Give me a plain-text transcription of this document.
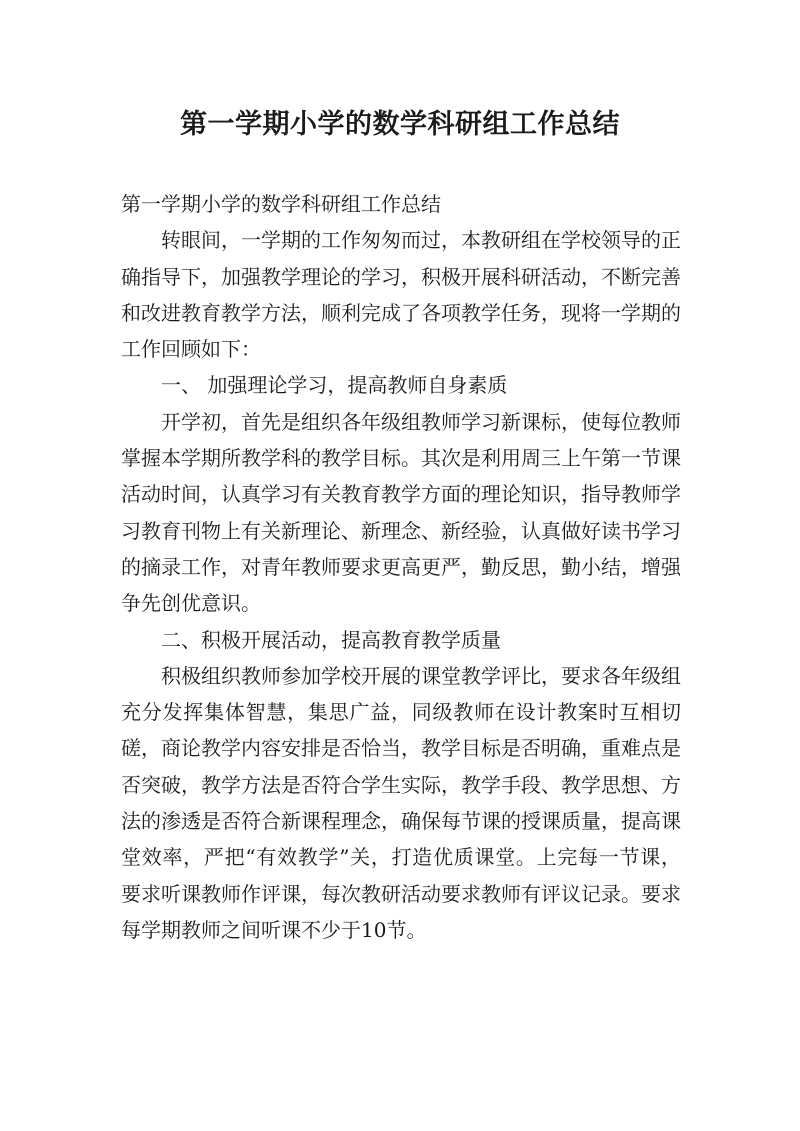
第一学期小学的数学科研组工作总结

第一学期小学的数学科研组工作总结

转眼间，一学期的工作匆匆而过，本教研组在学校领导的正确指导下，加强教学理论的学习，积极开展科研活动，不断完善和改进教育教学方法，顺利完成了各项教学任务，现将一学期的工作回顾如下：

一、 加强理论学习，提高教师自身素质

开学初，首先是组织各年级组教师学习新课标，使每位教师掌握本学期所教学科的教学目标。其次是利用周三上午第一节课活动时间，认真学习有关教育教学方面的理论知识，指导教师学习教育刊物上有关新理论、新理念、新经验，认真做好读书学习的摘录工作，对青年教师要求更高更严，勤反思，勤小结，增强争先创优意识。

二、积极开展活动，提高教育教学质量

积极组织教师参加学校开展的课堂教学评比，要求各年级组充分发挥集体智慧，集思广益，同级教师在设计教案时互相切磋，商论教学内容安排是否恰当，教学目标是否明确，重难点是否突破，教学方法是否符合学生实际，教学手段、教学思想、方法的渗透是否符合新课程理念，确保每节课的授课质量，提高课堂效率，严把“有效教学”关，打造优质课堂。上完每一节课，要求听课教师作评课，每次教研活动要求教师有评议记录。要求每学期教师之间听课不少于10节。
